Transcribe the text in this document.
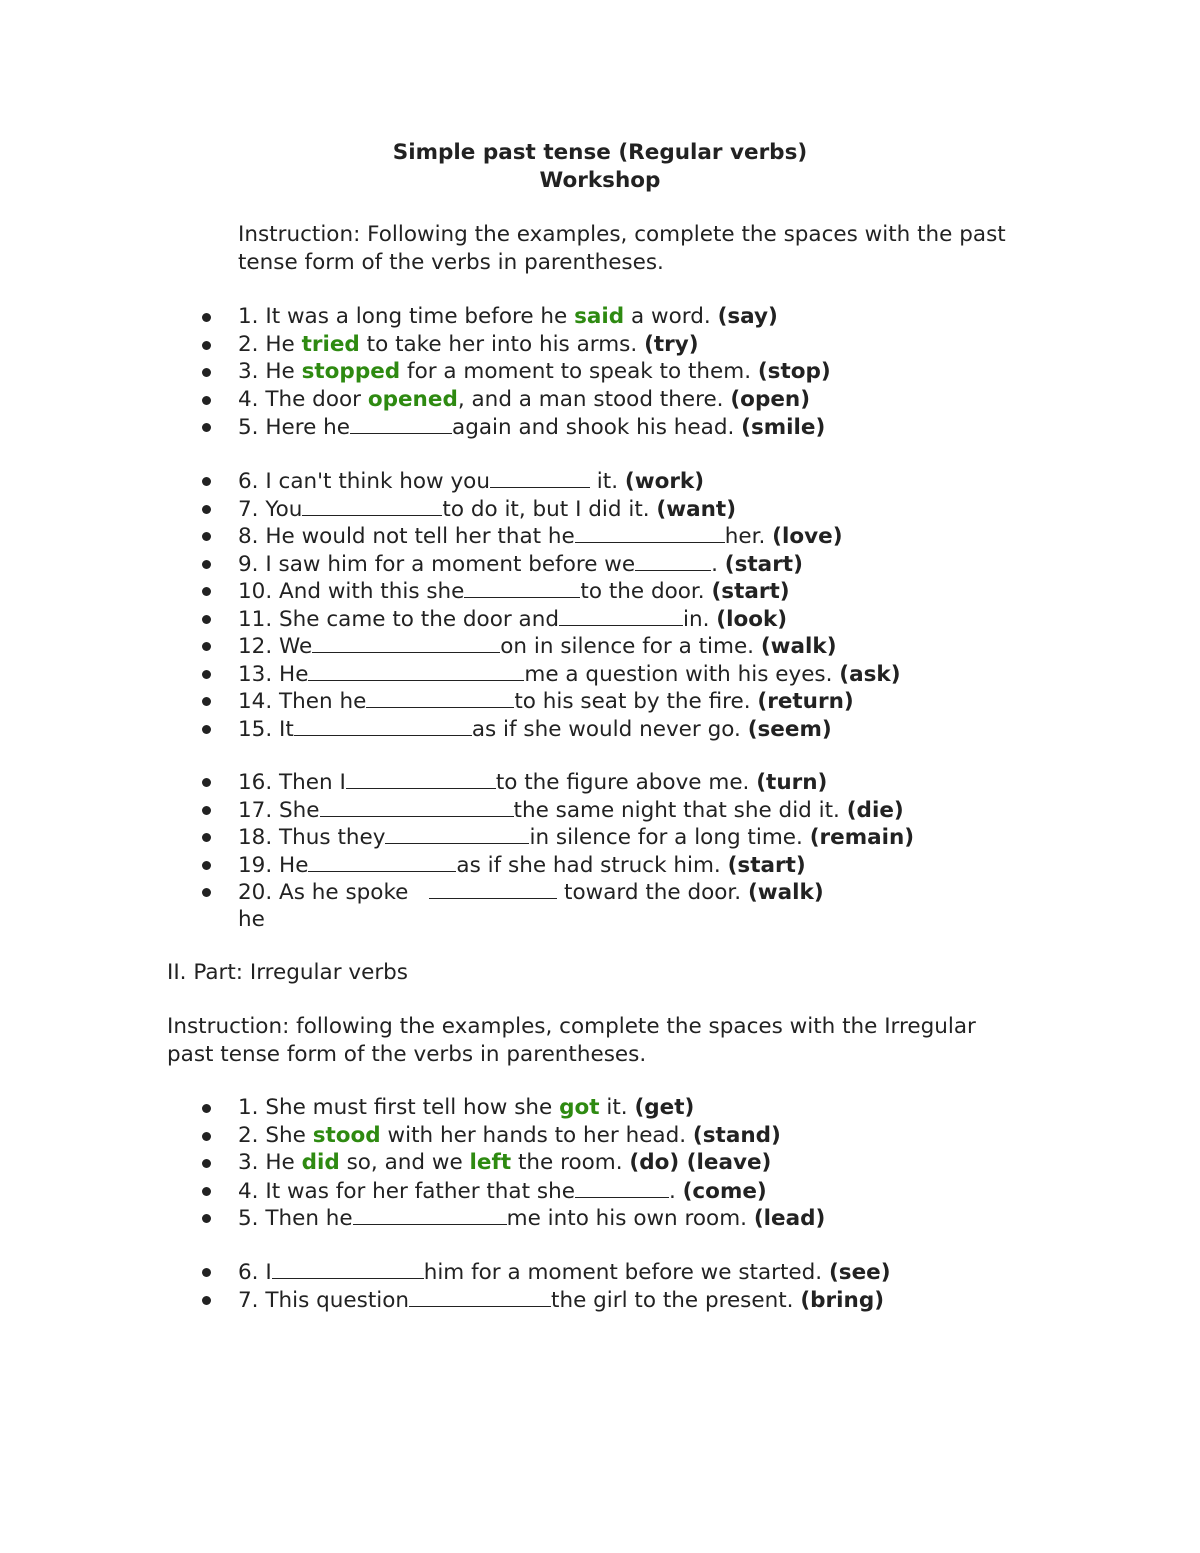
Simple past tense (Regular verbs)
Workshop
Instruction: Following the examples, complete the spaces with the past tense form of the verbs in parentheses.
1. It was a long time before he said a word. (say)
2. He tried to take her into his arms. (try)
3. He stopped for a moment to speak to them. (stop)
4. The door opened, and a man stood there. (open)
5. Here he	again and shook his head. (smile)
6. I can't think how you	it. (work)
7. You	to do it, but I did it. (want)
8. He would not tell her that he	her. (love)
9. I saw him for a moment before we	. (start)
10. And with this she	to the door. (start)
11. She came to the door and	in. (look)
12. We	on in silence for a time. (walk)
13. He	me a question with his eyes. (ask)
14. Then he	to his seat by the fire. (return)
15. It	as if she would never go. (seem)
16. Then I	to the figure above me. (turn)
17. She	the same night that she did it. (die)
18. Thus they	in silence for a long time. (remain)
19. He	as if she had struck him. (start)
20. As he spoke	toward the door. (walk)
he
II. Part: Irregular verbs
Instruction: following the examples, complete the spaces with the Irregular past tense form of the verbs in parentheses.
1. She must first tell how she got it. (get)
2. She stood with her hands to her head. (stand)
3. He did so, and we left the room. (do) (leave)
4. It was for her father that she	. (come)
5. Then he	me into his own room. (lead)
6. I	him for a moment before we started. (see)
7. This question	the girl to the present. (bring)
